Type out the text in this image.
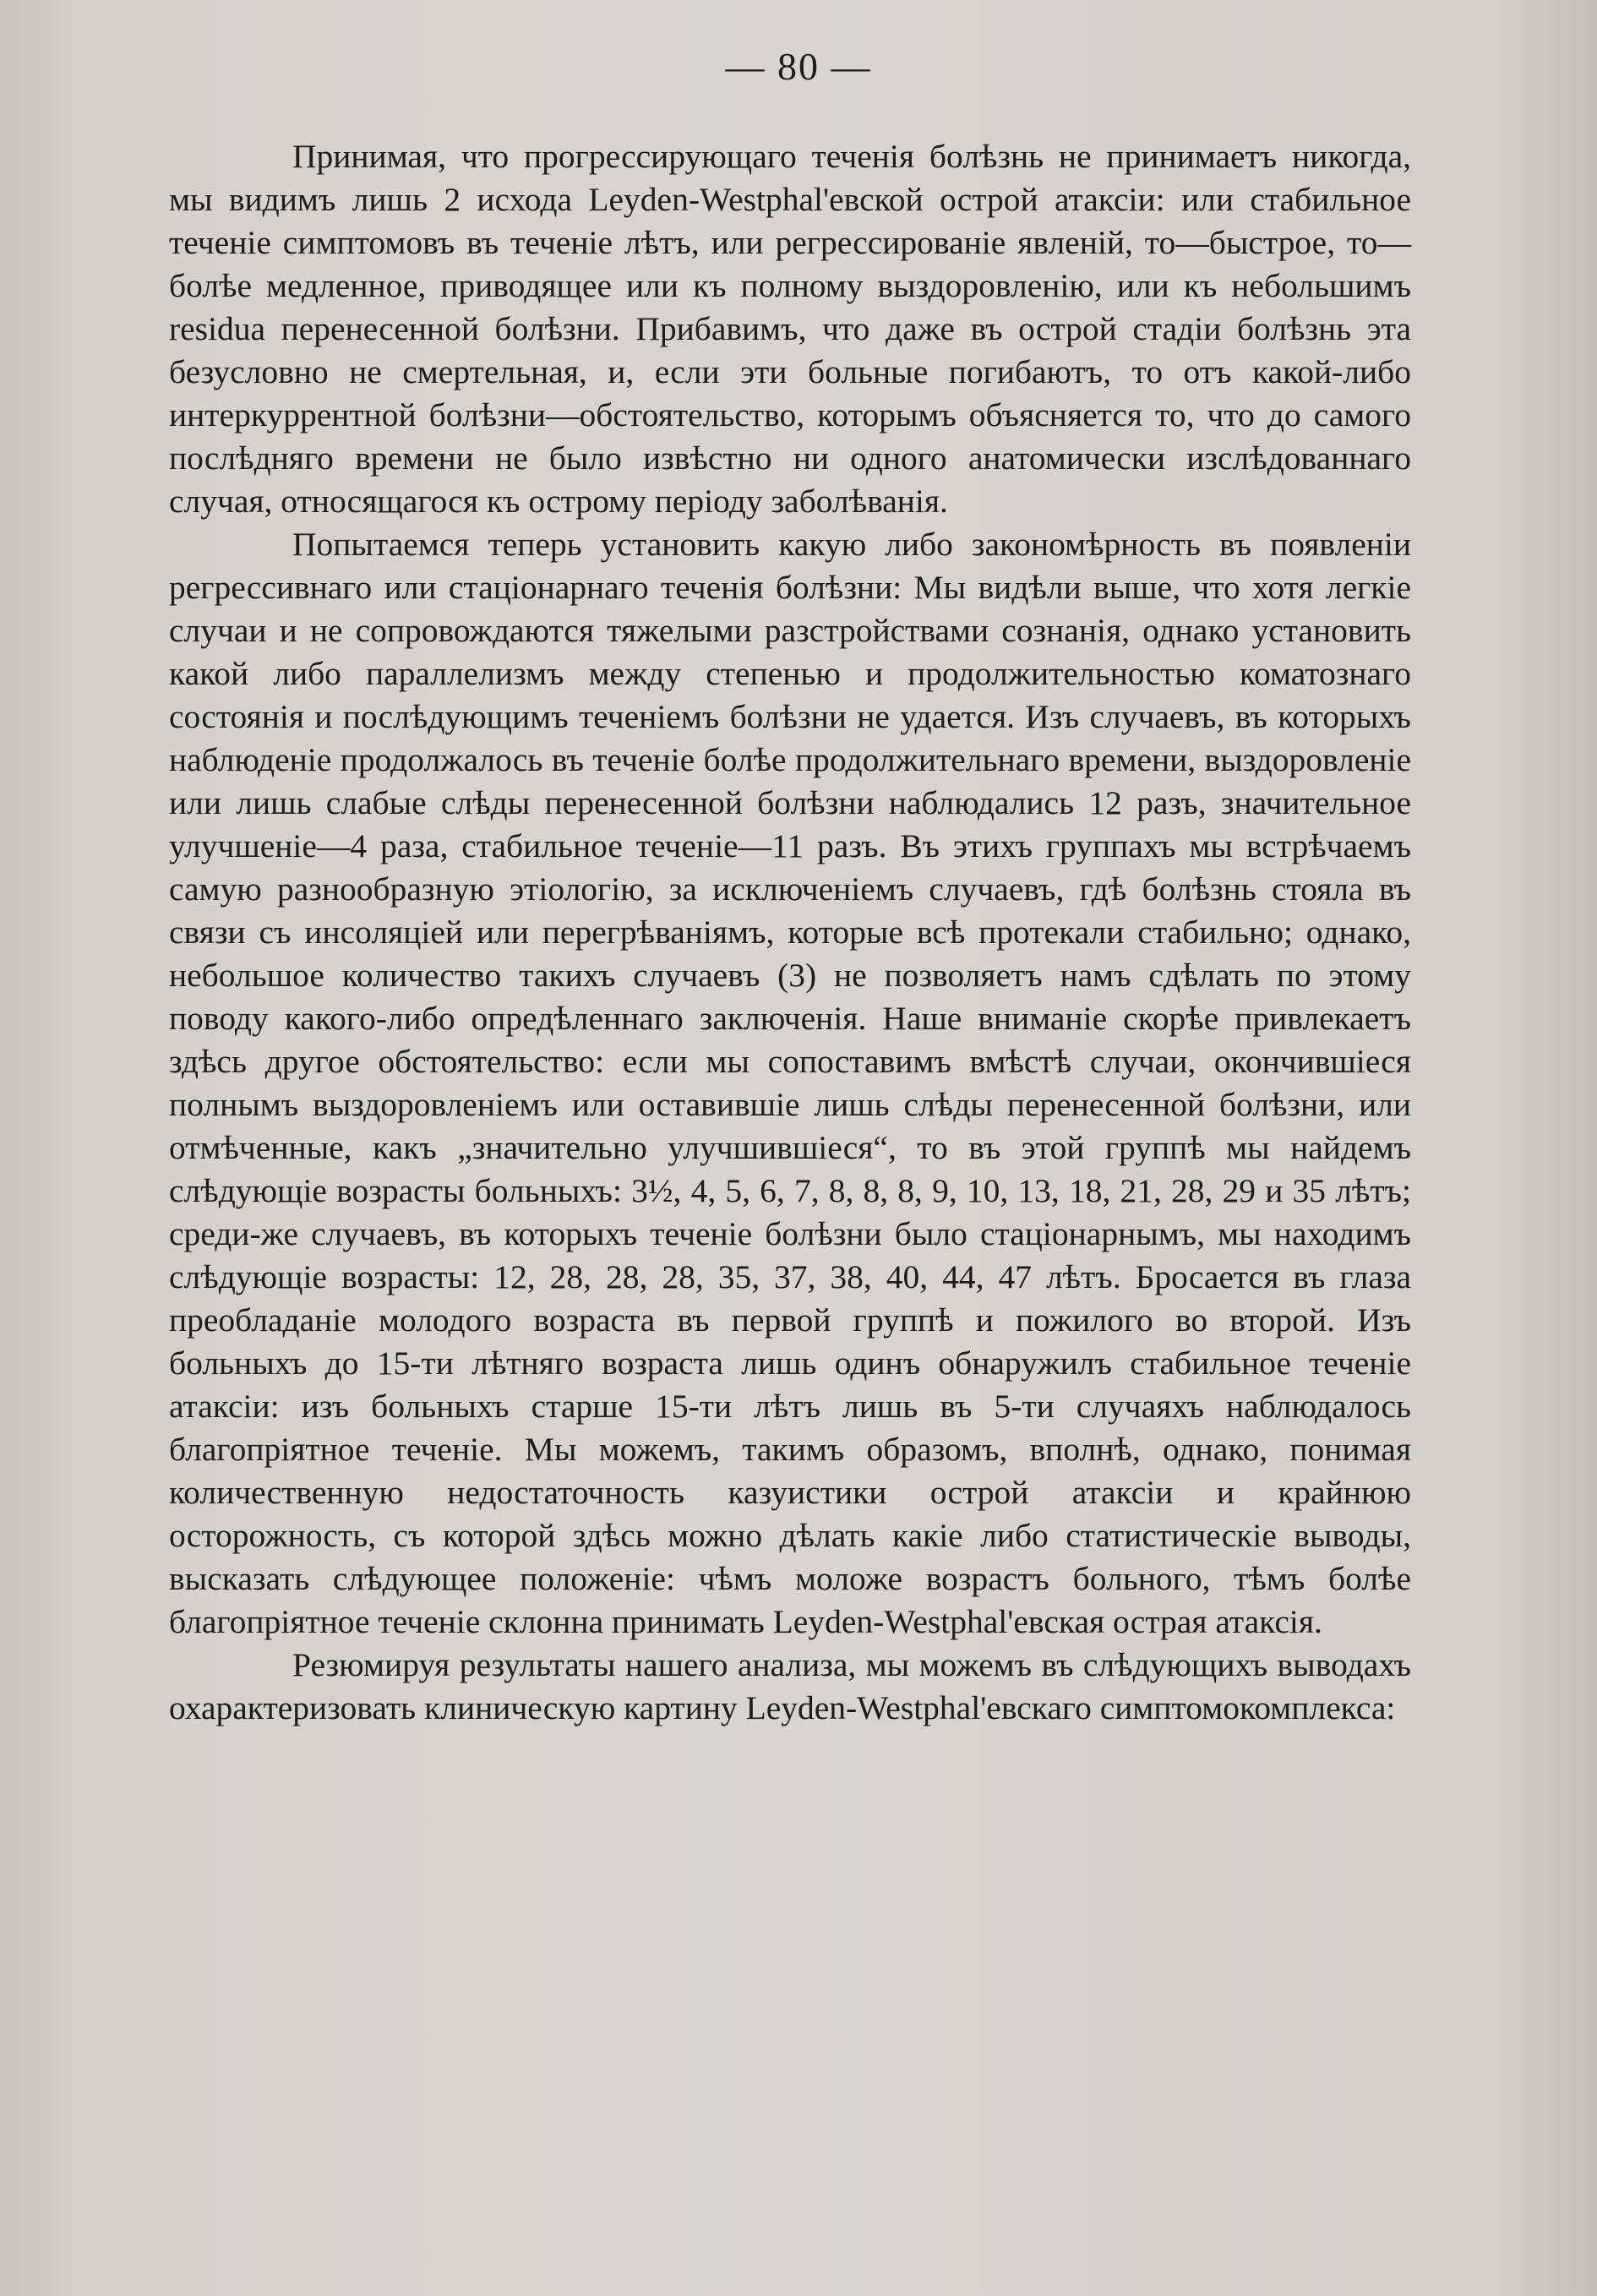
— 80 —

Принимая, что прогрессирующаго теченія болѣзнь не принимаетъ никогда, мы видимъ лишь 2 исхода Leyden-Westphal'евской острой атаксіи: или стабильное теченіе симптомовъ въ теченіе лѣтъ, или регрессированіе явленій, то—быстрое, то—болѣе медленное, приводящее или къ полному выздоровленію, или къ небольшимъ residua перенесенной болѣзни. Прибавимъ, что даже въ острой стадіи болѣзнь эта безусловно не смертельная, и, если эти больные погибаютъ, то отъ какой-либо интеркуррентной болѣзни—обстоятельство, которымъ объясняется то, что до самого послѣдняго времени не было извѣстно ни одного анатомически изслѣдованнаго случая, относящагося къ острому періоду заболѣванія.

Попытаемся теперь установить какую либо закономѣрность въ появленіи регрессивнаго или стаціонарнаго теченія болѣзни: Мы видѣли выше, что хотя легкіе случаи и не сопровождаются тяжелыми разстройствами сознанія, однако установить какой либо параллелизмъ между степенью и продолжительностью коматознаго состоянія и послѣдующимъ теченіемъ болѣзни не удается. Изъ случаевъ, въ которыхъ наблюденіе продолжалось въ теченіе болѣе продолжительнаго времени, выздоровленіе или лишь слабые слѣды перенесенной болѣзни наблюдались 12 разъ, значительное улучшеніе—4 раза, стабильное теченіе—11 разъ. Въ этихъ группахъ мы встрѣчаемъ самую разнообразную этіологію, за исключеніемъ случаевъ, гдѣ болѣзнь стояла въ связи съ инсоляціей или перегрѣваніямъ, которые всѣ протекали стабильно; однако, небольшое количество такихъ случаевъ (3) не позволяетъ намъ сдѣлать по этому поводу какого-либо опредѣленнаго заключенія. Наше вниманіе скорѣе привлекаетъ здѣсь другое обстоятельство: если мы сопоставимъ вмѣстѣ случаи, окончившіеся полнымъ выздоровленіемъ или оставившіе лишь слѣды перенесенной болѣзни, или отмѣченные, какъ „значительно улучшившіеся“, то въ этой группѣ мы найдемъ слѣдующіе возрасты больныхъ: 3½, 4, 5, 6, 7, 8, 8, 8, 9, 10, 13, 18, 21, 28, 29 и 35 лѣтъ; среди-же случаевъ, въ которыхъ теченіе болѣзни было стаціонарнымъ, мы находимъ слѣдующіе возрасты: 12, 28, 28, 28, 35, 37, 38, 40, 44, 47 лѣтъ. Бросается въ глаза преобладаніе молодого возраста въ первой группѣ и пожилого во второй. Изъ больныхъ до 15-ти лѣтняго возраста лишь одинъ обнаружилъ стабильное теченіе атаксіи: изъ больныхъ старше 15-ти лѣтъ лишь въ 5-ти случаяхъ наблюдалось благопріятное теченіе. Мы можемъ, такимъ образомъ, вполнѣ, однако, понимая количественную недостаточность казуистики острой атаксіи и крайнюю осторожность, съ которой здѣсь можно дѣлать какіе либо статистическіе выводы, высказать слѣдующее положеніе: чѣмъ моложе возрастъ больного, тѣмъ болѣе благопріятное теченіе склонна принимать Leyden-Westphal'евская острая атаксія.

Резюмируя результаты нашего анализа, мы можемъ въ слѣдующихъ выводахъ охарактеризовать клиническую картину Leyden-Westphal'евскаго симптомокомплекса:
